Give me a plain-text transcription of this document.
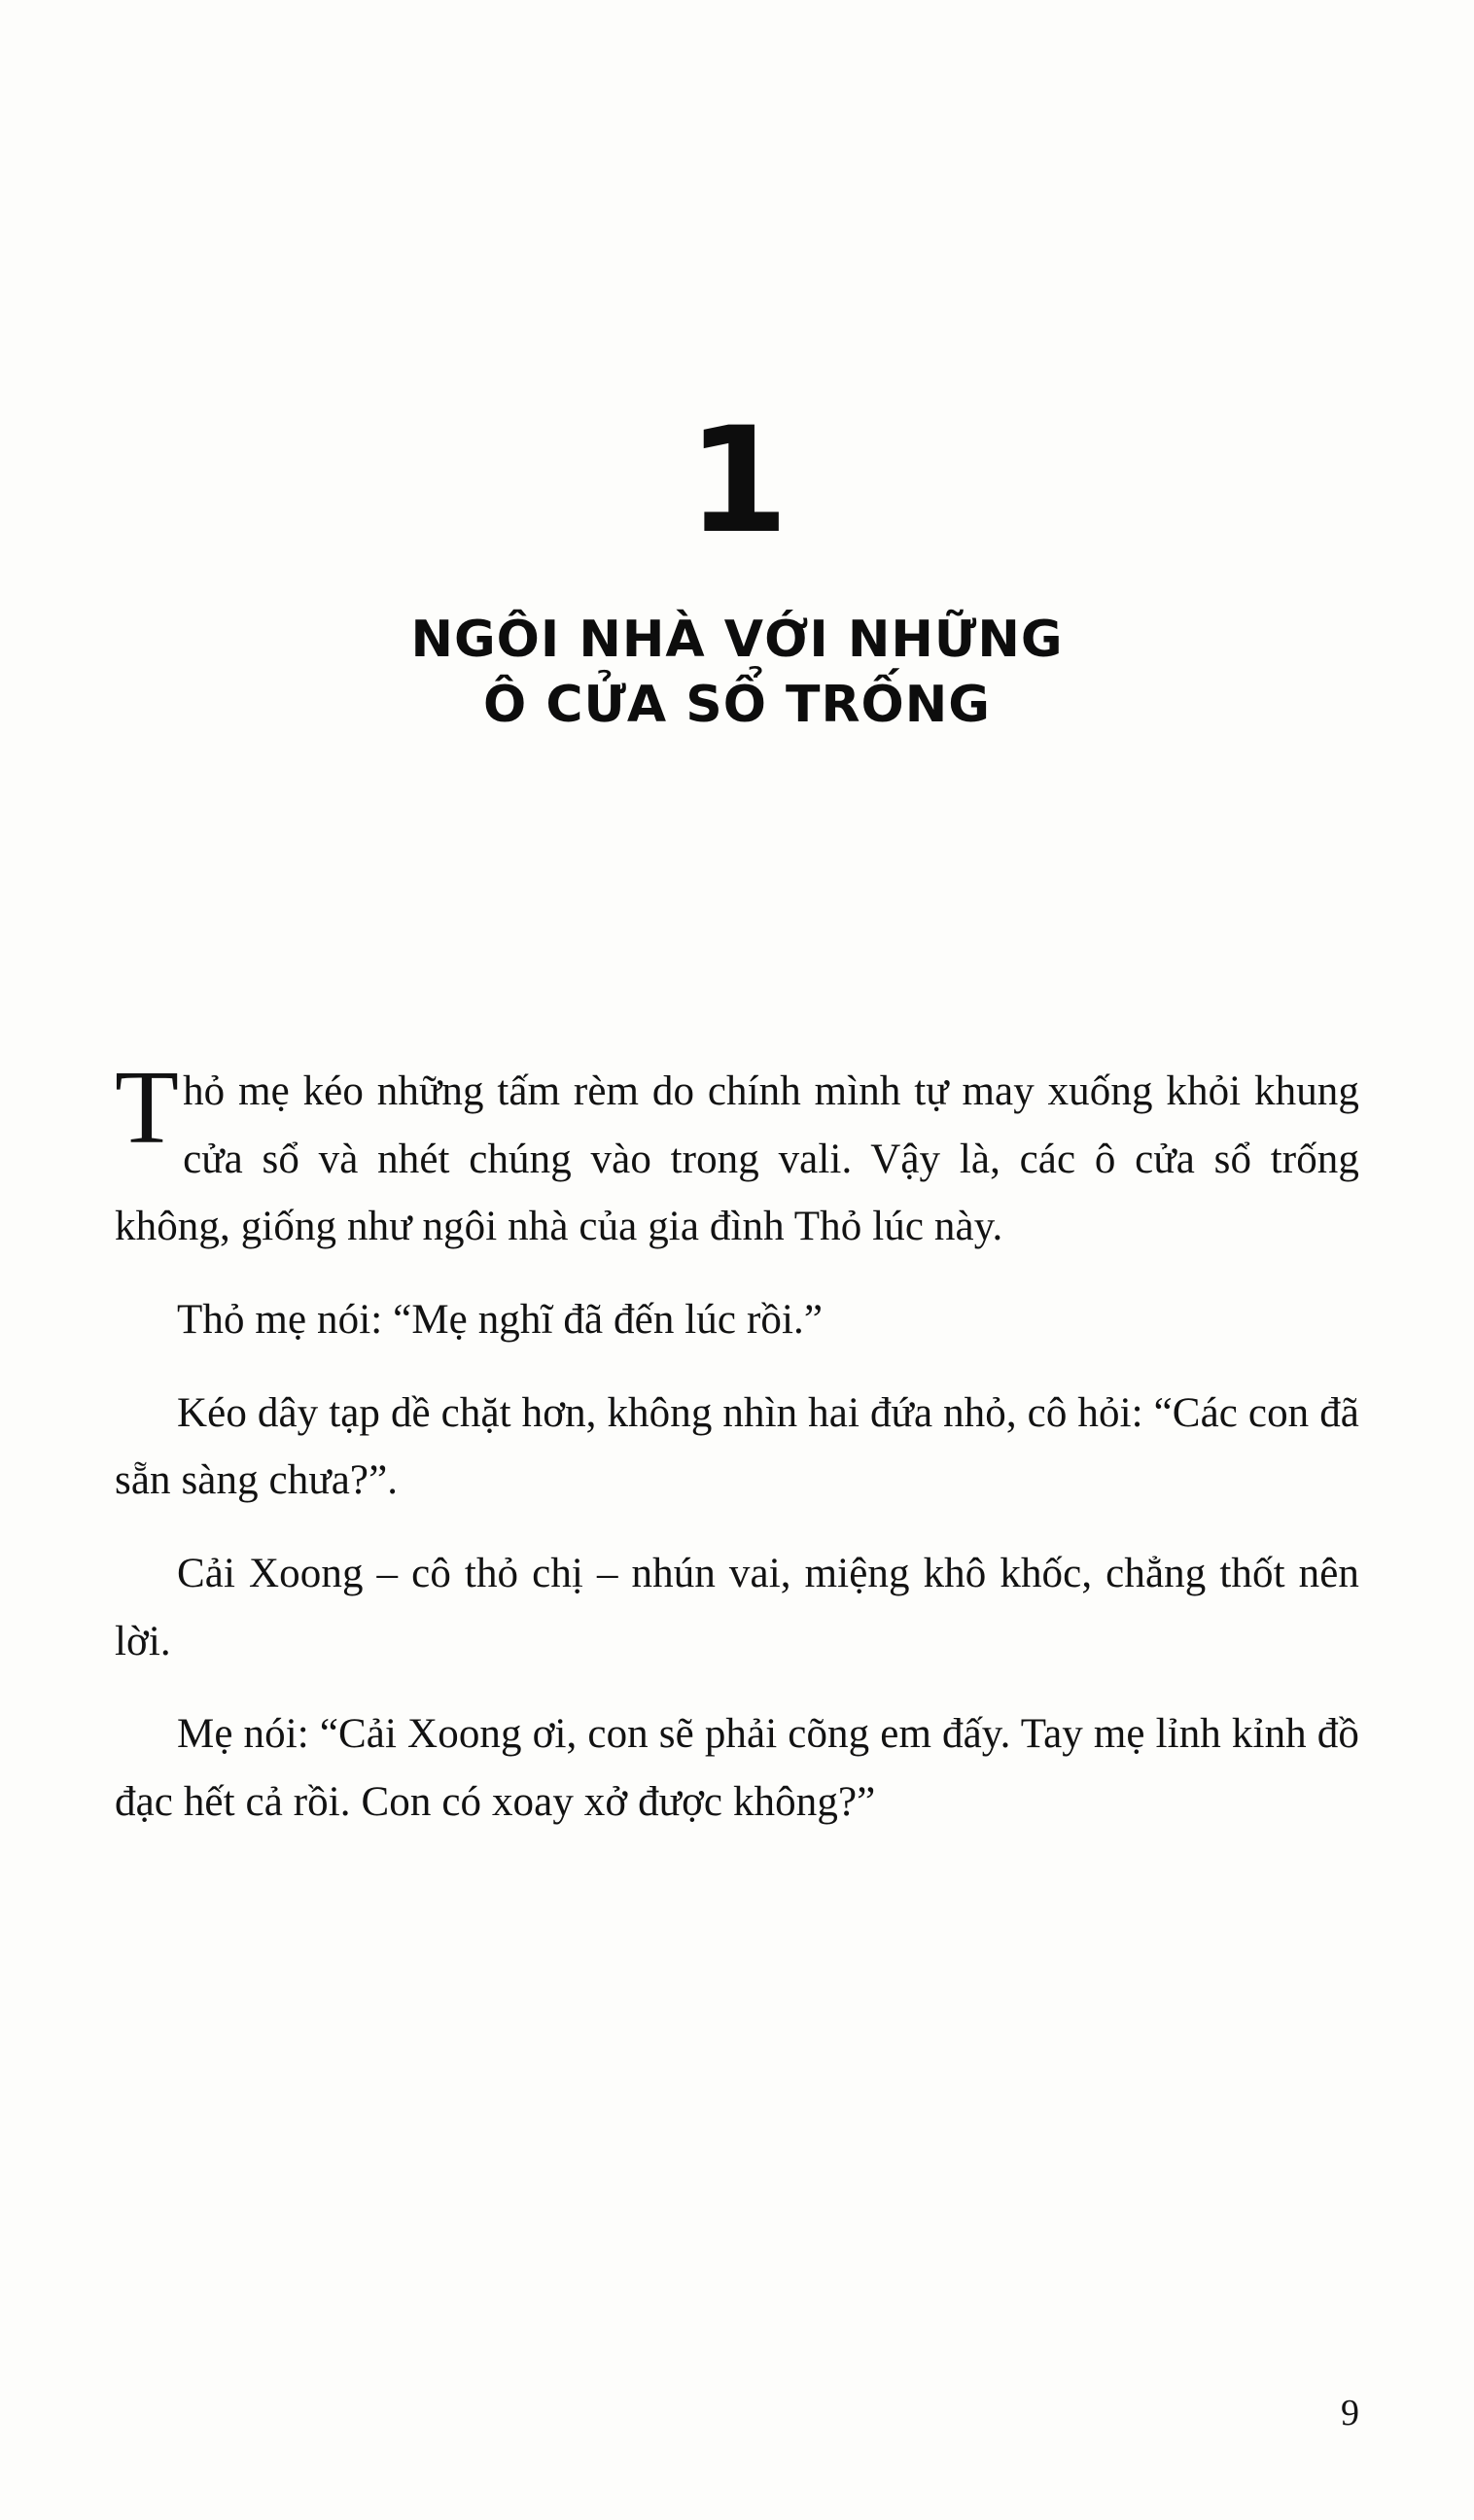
1
NGÔI NHÀ VỚI NHỮNG
Ô CỬA SỔ TRỐNG

Thỏ mẹ kéo những tấm rèm do chính mình tự may xuống khỏi khung cửa sổ và nhét chúng vào trong vali. Vậy là, các ô cửa sổ trống không, giống như ngôi nhà của gia đình Thỏ lúc này.

Thỏ mẹ nói: “Mẹ nghĩ đã đến lúc rồi.”

Kéo dây tạp dề chặt hơn, không nhìn hai đứa nhỏ, cô hỏi: “Các con đã sẵn sàng chưa?”.

Cải Xoong – cô thỏ chị – nhún vai, miệng khô khốc, chẳng thốt nên lời.

Mẹ nói: “Cải Xoong ơi, con sẽ phải cõng em đấy. Tay mẹ lỉnh kỉnh đồ đạc hết cả rồi. Con có xoay xở được không?”

9
